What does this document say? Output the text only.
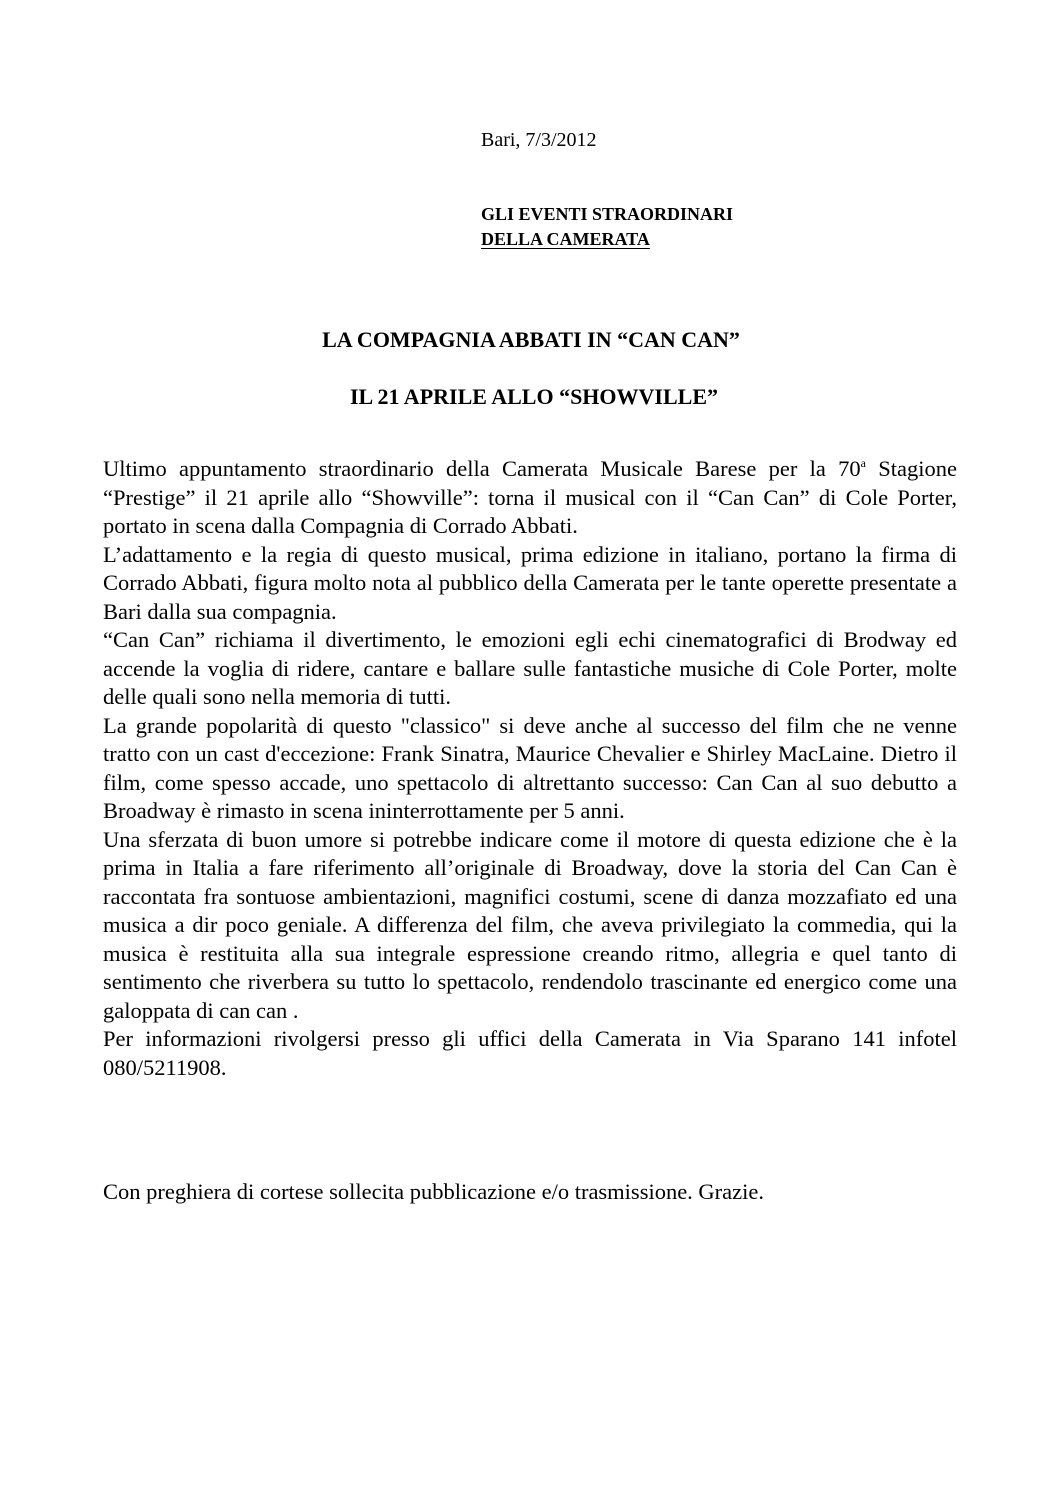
Bari, 7/3/2012
GLI EVENTI STRAORDINARI
DELLA CAMERATA
LA COMPAGNIA ABBATI IN “CAN CAN”
IL 21 APRILE ALLO “SHOWVILLE”

Ultimo appuntamento straordinario della Camerata Musicale Barese per la 70$^a$ Stagione “Prestige” il 21 aprile allo “Showville”: torna il musical con il “Can Can” di Cole Porter, portato in scena dalla Compagnia di Corrado Abbati.

L’adattamento e la regia di questo musical, prima edizione in italiano, portano la firma di Corrado Abbati, figura molto nota al pubblico della Camerata per le tante operette presentate a Bari dalla sua compagnia.

“Can Can” richiama il divertimento, le emozioni egli echi cinematografici di Brodway ed accende la voglia di ridere, cantare e ballare sulle fantastiche musiche di Cole Porter, molte delle quali sono nella memoria di tutti.

La grande popolarità di questo "classico" si deve anche al successo del film che ne venne tratto con un cast d'eccezione: Frank Sinatra, Maurice Chevalier e Shirley MacLaine. Dietro il film, come spesso accade, uno spettacolo di altrettanto successo: Can Can al suo debutto a Broadway è rimasto in scena ininterrottamente per 5 anni.

Una sferzata di buon umore si potrebbe indicare come il motore di questa edizione che è la prima in Italia a fare riferimento all’originale di Broadway, dove la storia del Can Can è raccontata fra sontuose ambientazioni, magnifici costumi, scene di danza mozzafiato ed una musica a dir poco geniale. A differenza del film, che aveva privilegiato la commedia, qui la musica è restituita alla sua integrale espressione creando ritmo, allegria e quel tanto di sentimento che riverbera su tutto lo spettacolo, rendendolo trascinante ed energico come una galoppata di can can .

Per informazioni rivolgersi presso gli uffici della Camerata in Via Sparano 141 infotel 080/5211908.

Con preghiera di cortese sollecita pubblicazione e/o trasmissione. Grazie.
